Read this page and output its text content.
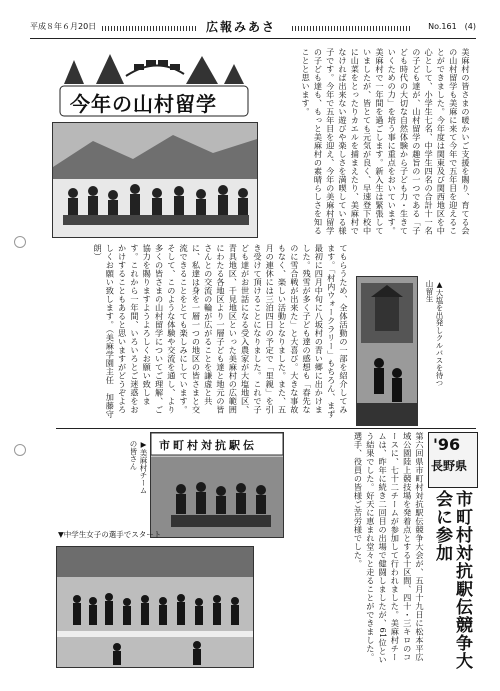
平成８年６月20日	広報みあさ	No.161　(4)
今年の山村留学	美麻村の皆さまの暖かいご支援を賜り、育てる会の山村留学も美麻に来て今年で五年目を迎えることができました。今年度は関東及び関西地区を中心として、小学生七名、中学生四名の合計十一名の子ども達が、山村留学の趣旨の一つである「子ども時代の大切な自然体験から子ども力・生きていくための力」を培う事に重点をおいています。美麻村で一年間を過ごします。新入生は緊張していましたが、皆とても元気が良く、早速登下校中に山菜をとったりカエルを捕まえたり、美麻村でなければ出来ない遊びや楽しさを満喫している様子です。今年で五年目を迎え、今年の美麻村留学の子ども達も、もっと美麻村の素晴らしさを知ることと思います。
てもらうため、全体活動の一部を紹介してみます。「村内ウォークラリー」もちろん、まず最初に四月中旬に八坂村の青い郷に出かけました。残雪が多く子ども達の感想も「春先なのに雪合戦が出来た」と大喜び。大きな事故もなく、楽しい活動となりました。また、五月の連休には三泊四日の予定で「里親」を引き受けて頂けることになりました。これで子ども達がお世話になる受入農家が大塩地区、青具地区、千見地区といった美麻村の広範囲にわたる各地区より一層子ども達と地元の皆さんとの交流の輪が広がることを謙虚と共に、私達は身を一層一つの地区の皆さまと交流できることをとても楽しみにしています。そして、このような体験や交流を通し、より多くの皆さまの山村留学についてご理解、ご協力を賜りますようよろしくお願い致します。これから一年間、いろいろとご迷惑をおかけすることもあると思いますがどうぞよろしくお願い致します。（美麻学園主任　加藤守朗）
▲大塩を出発しクルバスを待つ山留生
市町村対抗駅伝
▶美麻村チームの皆さん
▼中学生女子の選手でスタート	第六回県市町村対抗駅伝競争大会が、五月十九日に松本平広域公園陸上競技場を発着点とする十区間、四十・三キロのコースに、七十二チームが参加して行われました。美麻村チームは、昨年に続き二回目の出場で健闘しましたが、61位という結果でした。好天に恵まれ堂々と走ることができました。選手、役員の皆様ご苦労様でした。	'96
長野県
市町村対抗駅伝競争大会に参加
